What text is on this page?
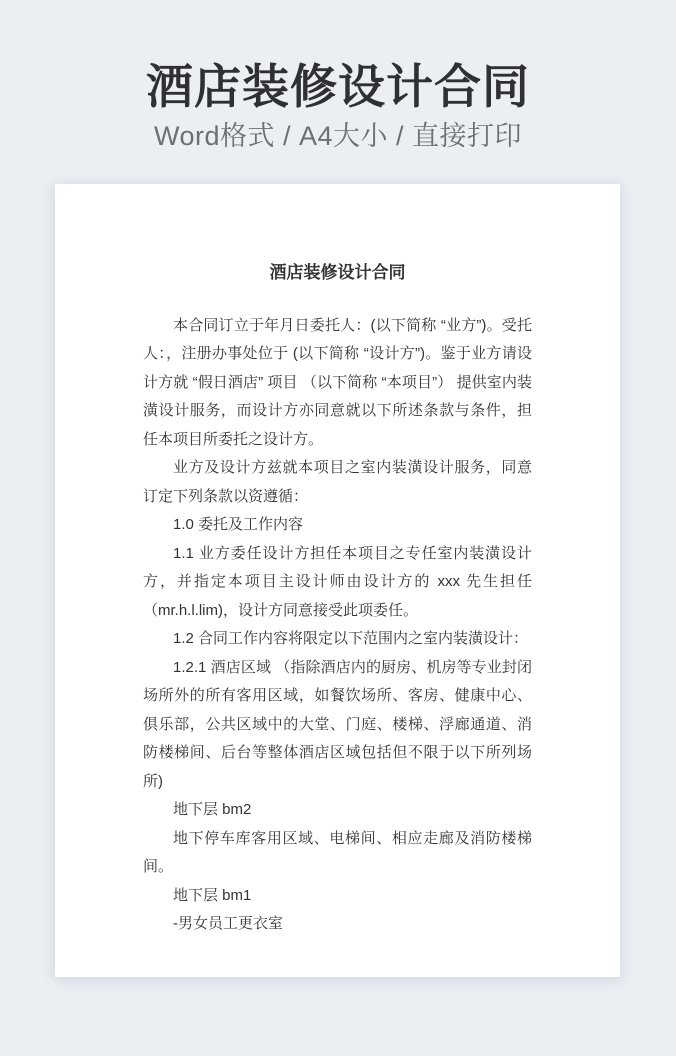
酒店装修设计合同

Word格式 / A4大小 / 直接打印

酒店装修设计合同

本合同订立于年月日委托人：(以下简称 “业方”)。受托人：，注册办事处位于 (以下简称 “设计方”)。鉴于业方请设计方就 “假日酒店” 项目 （以下简称 “本项目”） 提供室内装潢设计服务，而设计方亦同意就以下所述条款与条件，担任本项目所委托之设计方。

业方及设计方兹就本项目之室内装潢设计服务，同意订定下列条款以资遵循：

1.0 委托及工作内容

1.1 业方委任设计方担任本项目之专任室内装潢设计方，并指定本项目主设计师由设计方的 xxx 先生担任（mr.h.l.lim)，设计方同意接受此项委任。

1.2 合同工作内容将限定以下范围内之室内装潢设计：

1.2.1 酒店区域 （指除酒店内的厨房、机房等专业封闭场所外的所有客用区域，如餐饮场所、客房、健康中心、俱乐部，公共区域中的大堂、门庭、楼梯、浮廊通道、消防楼梯间、后台等整体酒店区域包括但不限于以下所列场所)

地下层 bm2

地下停车库客用区域、电梯间、相应走廊及消防楼梯间。

地下层 bm1

-男女员工更衣室
